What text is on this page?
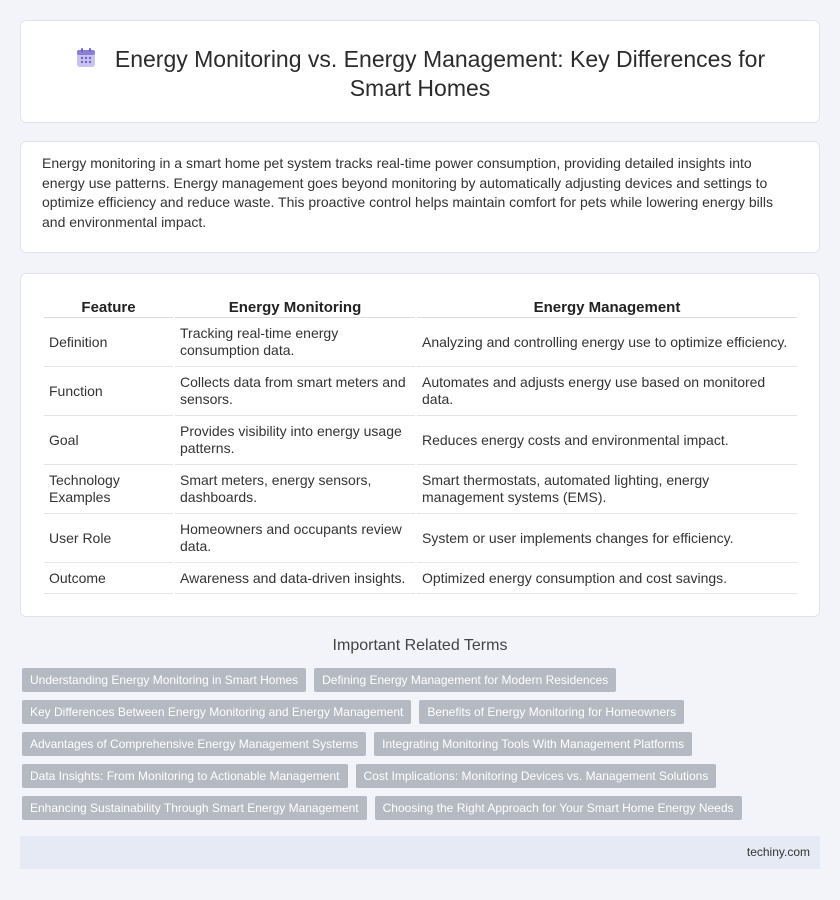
Energy Monitoring vs. Energy Management: Key Differences for Smart Homes

Energy monitoring in a smart home pet system tracks real-time power consumption, providing detailed insights into energy use patterns. Energy management goes beyond monitoring by automatically adjusting devices and settings to optimize efficiency and reduce waste. This proactive control helps maintain comfort for pets while lowering energy bills and environmental impact.

Feature	Energy Monitoring	Energy Management
Definition	Tracking real-time energy consumption data.	Analyzing and controlling energy use to optimize efficiency.
Function	Collects data from smart meters and sensors.	Automates and adjusts energy use based on monitored data.
Goal	Provides visibility into energy usage patterns.	Reduces energy costs and environmental impact.
Technology Examples	Smart meters, energy sensors, dashboards.	Smart thermostats, automated lighting, energy management systems (EMS).
User Role	Homeowners and occupants review data.	System or user implements changes for efficiency.
Outcome	Awareness and data-driven insights.	Optimized energy consumption and cost savings.
Important Related Terms
Understanding Energy Monitoring in Smart Homes	Defining Energy Management for Modern Residences
Key Differences Between Energy Monitoring and Energy Management	Benefits of Energy Monitoring for Homeowners
Advantages of Comprehensive Energy Management Systems	Integrating Monitoring Tools With Management Platforms
Data Insights: From Monitoring to Actionable Management	Cost Implications: Monitoring Devices vs. Management Solutions
Enhancing Sustainability Through Smart Energy Management	Choosing the Right Approach for Your Smart Home Energy Needs
techiny.com
